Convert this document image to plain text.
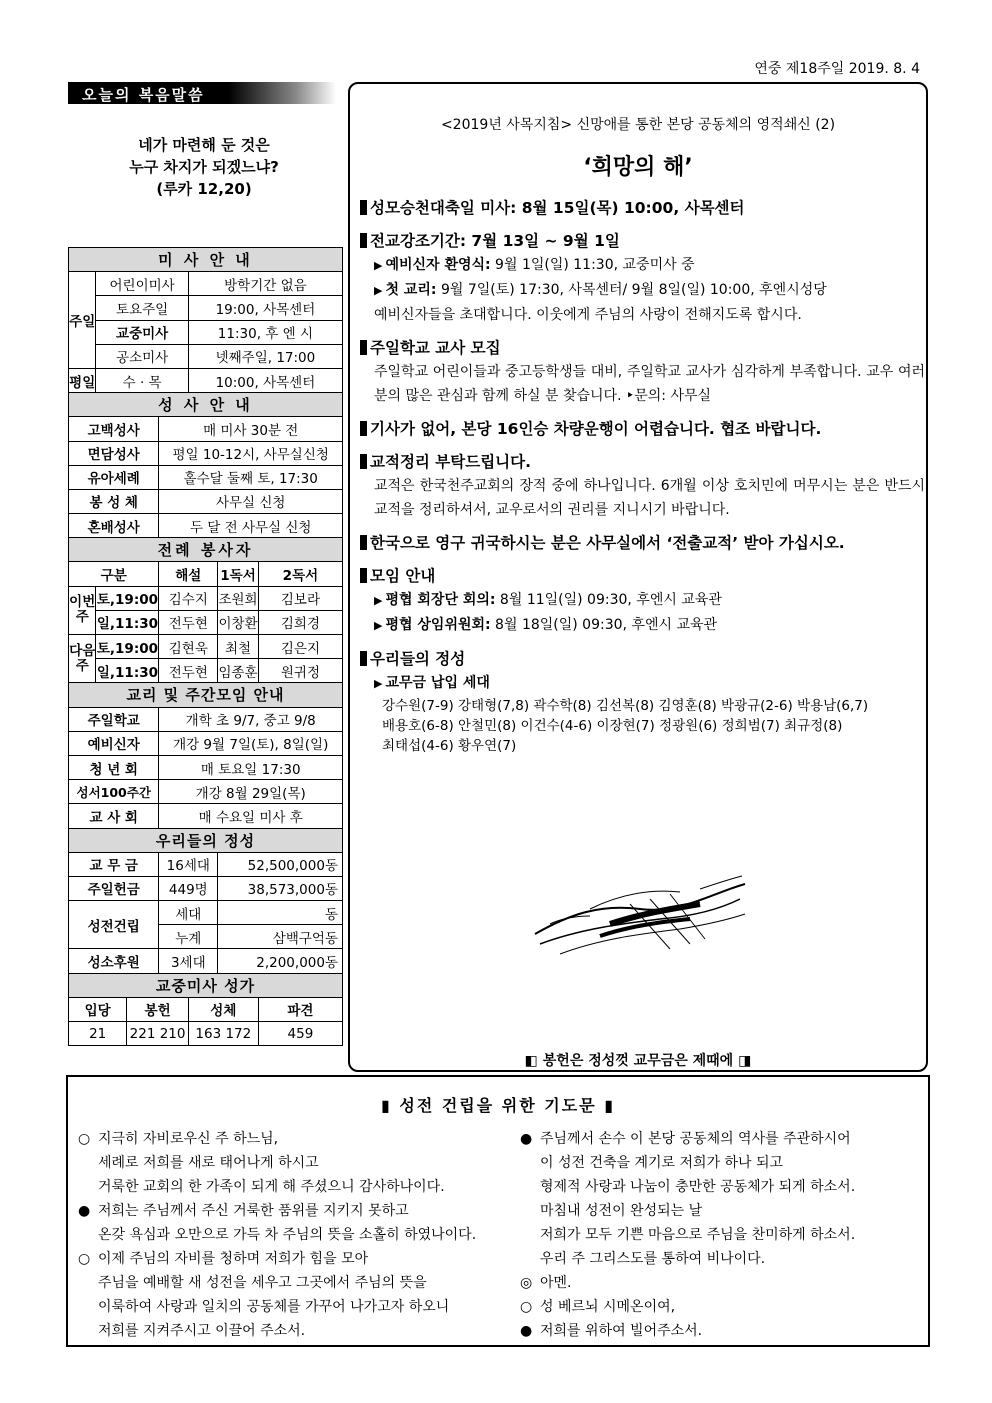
연중 제18주일 2019. 8. 4
오늘의 복음말씀
네가 마련해 둔 것은
누구 차지가 되겠느냐?
(루카 12,20)
미 사 안 내						
주일	어린이미사			방학기간 없음		
	토요주일			19:00, 사목센터		
	교중미사			11:30, 후 엔 시		
	공소미사			넷째주일, 17:00		
평일	수 · 목			10:00, 사목센터		
성 사 안 내						
고백성사			매 미사 30분 전			
면담성사			평일 10-12시, 사무실신청			
유아세례			홀수달 둘째 토, 17:30			
봉 성 체			사무실 신청			
혼배성사			두 달 전 사무실 신청			
전례 봉사자						
구분			해설		1독서	2독서
이번주	토,19:00		김수지		조원희	김보라
	일,11:30		전두현		이창환	김희경
다음주	토,19:00		김현욱		최철	김은지
	일,11:30		전두현		임종훈	원귀정
교리 및 주간모임 안내						
주일학교			개학 초 9/7, 중고 9/8			
예비신자			개강 9월 7일(토), 8일(일)			
청 년 회			매 토요일 17:30			
성서100주간			개강 8월 29일(목)			
교 사 회			매 수요일 미사 후			
우리들의 정성						
교 무 금			16세대		52,500,000동	
주일헌금			449명		38,573,000동	
성전건립			세대		동	
			누계		삼백구억동	
성소후원			3세대		2,200,000동	
교중미사 성가						
입당		봉헌		성체		파견
21		221 210		163 172		459
<2019년 사목지침> 신망애를 통한 본당 공동체의 영적쇄신 (2)
‘희망의 해’
성모승천대축일 미사: 8월 15일(목) 10:00, 사목센터
전교강조기간: 7월 13일 ~ 9월 1일
▶ 예비신자 환영식: 9월 1일(일) 11:30, 교중미사 중
▶ 첫 교리: 9월 7일(토) 17:30, 사목센터/ 9월 8일(일) 10:00, 후엔시성당
예비신자들을 초대합니다. 이웃에게 주님의 사랑이 전해지도록 합시다.
주일학교 교사 모집
주일학교 어린이들과 중고등학생들 대비, 주일학교 교사가 심각하게 부족합니다. 교우 여러분의 많은 관심과 함께 하실 분 찾습니다. ‣문의: 사무실
기사가 없어, 본당 16인승 차량운행이 어렵습니다. 협조 바랍니다.
교적정리 부탁드립니다.
교적은 한국천주교회의 장적 중에 하나입니다. 6개월 이상 호치민에 머무시는 분은 반드시 교적을 정리하셔서, 교우로서의 권리를 지니시기 바랍니다.
한국으로 영구 귀국하시는 분은 사무실에서 ‘전출교적’ 받아 가십시오.
모임 안내
▶ 평협 회장단 회의: 8월 11일(일) 09:30, 후엔시 교육관
▶ 평협 상임위원회: 8월 18일(일) 09:30, 후엔시 교육관
우리들의 정성
▶ 교무금 납입 세대
강수원(7-9) 강태형(7,8) 곽수학(8) 김선복(8) 김영훈(8) 박광규(2-6) 박용남(6,7)
배용호(6-8) 안철민(8) 이건수(4-6) 이장현(7) 정광원(6) 정희범(7) 최규정(8)
최태섭(4-6) 황우연(7)
◧ 봉헌은 정성껏 교무금은 제때에 ◨
▮ 성전 건립을 위한 기도문 ▮
○ 지극히 자비로우신 주 하느님,
세례로 저희를 새로 태어나게 하시고
거룩한 교회의 한 가족이 되게 해 주셨으니 감사하나이다.
● 저희는 주님께서 주신 거룩한 품위를 지키지 못하고
온갖 욕심과 오만으로 가득 차 주님의 뜻을 소홀히 하였나이다.
○ 이제 주님의 자비를 청하며 저희가 힘을 모아
주님을 예배할 새 성전을 세우고 그곳에서 주님의 뜻을
이룩하여 사랑과 일치의 공동체를 가꾸어 나가고자 하오니
저희를 지켜주시고 이끌어 주소서.
● 주님께서 손수 이 본당 공동체의 역사를 주관하시어
이 성전 건축을 계기로 저희가 하나 되고
형제적 사랑과 나눔이 충만한 공동체가 되게 하소서.
마침내 성전이 완성되는 날
저희가 모두 기쁜 마음으로 주님을 찬미하게 하소서.
우리 주 그리스도를 통하여 비나이다.
◎ 아멘.
○ 성 베르뇌 시메온이여,
● 저희를 위하여 빌어주소서.
